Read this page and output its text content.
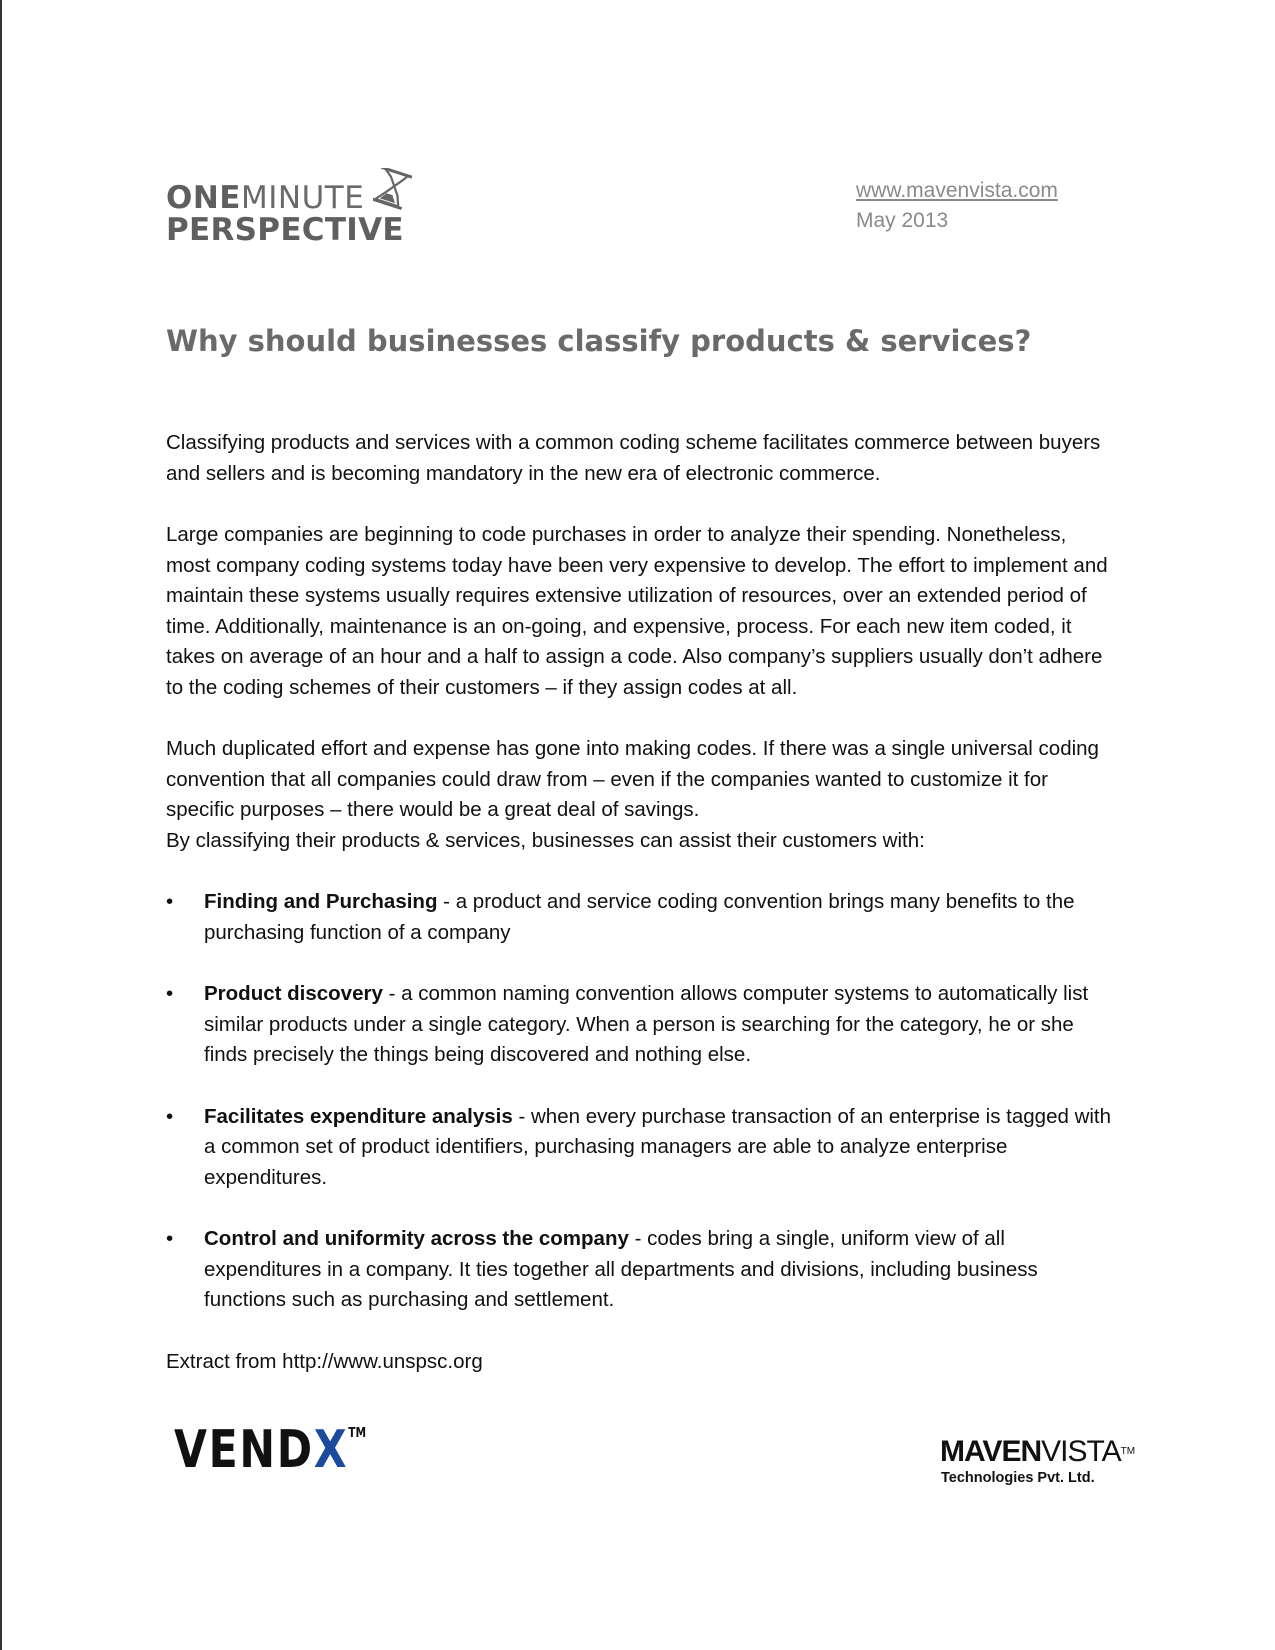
ONEMINUTE
PERSPECTIVE
www.mavenvista.com
May 2013
Why should businesses classify products & services?

Classifying products and services with a common coding scheme facilitates commerce between buyers and sellers and is becoming mandatory in the new era of electronic commerce.

Large companies are beginning to code purchases in order to analyze their spending. Nonetheless, most company coding systems today have been very expensive to develop. The effort to implement and maintain these systems usually requires extensive utilization of resources, over an extended period of time. Additionally, maintenance is an on-going, and expensive, process. For each new item coded, it takes on average of an hour and a half to assign a code. Also company’s suppliers usually don’t adhere to the coding schemes of their customers – if they assign codes at all.

Much duplicated effort and expense has gone into making codes. If there was a single universal coding convention that all companies could draw from – even if the companies wanted to customize it for specific purposes – there would be a great deal of savings.

By classifying their products & services, businesses can assist their customers with:

• Finding and Purchasing - a product and service coding convention brings many benefits to the purchasing function of a company
• Product discovery - a common naming convention allows computer systems to automatically list similar products under a single category. When a person is searching for the category, he or she finds precisely the things being discovered and nothing else.
• Facilitates expenditure analysis - when every purchase transaction of an enterprise is tagged with a common set of product identifiers, purchasing managers are able to analyze enterprise expenditures.
• Control and uniformity across the company - codes bring a single, uniform view of all expenditures in a company. It ties together all departments and divisions, including business functions such as purchasing and settlement.

Extract from http://www.unspsc.org

VENDX™
MAVENVISTA™
Technologies Pvt. Ltd.
